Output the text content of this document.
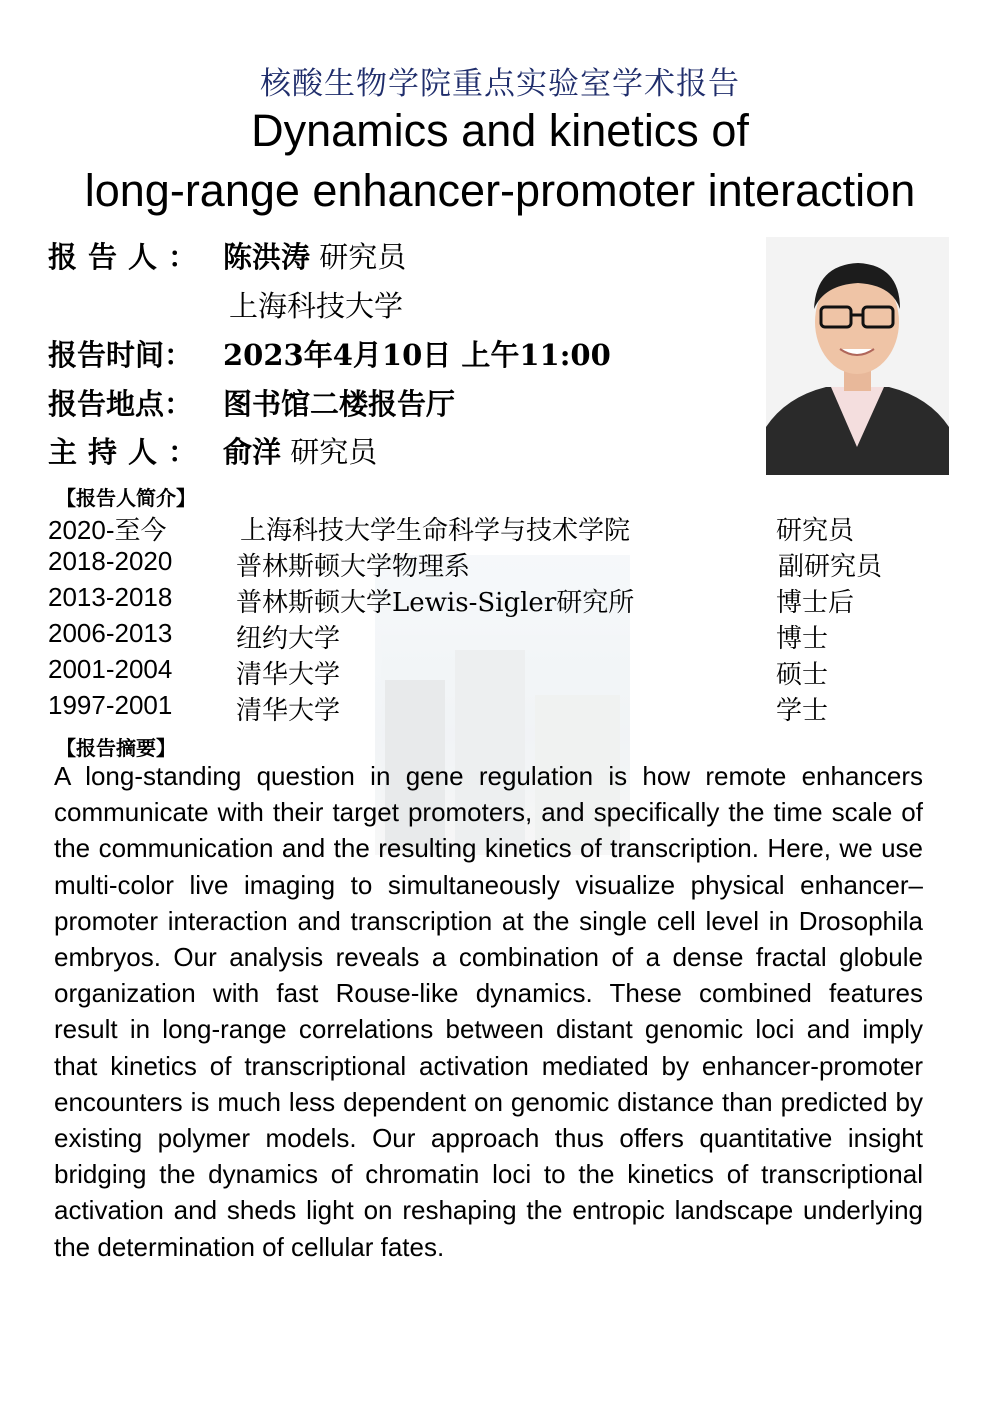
核酸生物学院重点实验室学术报告
Dynamics and kinetics of
long-range enhancer-promoter interaction
报告人： 陈洪涛 研究员
上海科技大学
报告时间： 2023年4月10日 上午11:00
报告地点： 图书馆二楼报告厅
主持人： 俞洋 研究员
【报告人简介】
2020-至今	上海科技大学生命科学与技术学院	研究员
2018-2020 普林斯顿大学物理系	副研究员
2013-2018 普林斯顿大学Lewis-Sigler研究所	博士后
2006-2013 纽约大学	博士
2001-2004 清华大学	硕士
1997-2001 清华大学	学士
【报告摘要】

A long-standing question in gene regulation is how remote enhancers communicate with their target promoters, and specifically the time scale of the communication and the resulting kinetics of transcription. Here, we use multi-color live imaging to simultaneously visualize physical enhancer–promoter interaction and transcription at the single cell level in Drosophila embryos. Our analysis reveals a combination of a dense fractal globule organization with fast Rouse-like dynamics. These combined features result in long-range correlations between distant genomic loci and imply that kinetics of transcriptional activation mediated by enhancer-promoter encounters is much less dependent on genomic distance than predicted by existing polymer models. Our approach thus offers quantitative insight bridging the dynamics of chromatin loci to the kinetics of transcriptional activation and sheds light on reshaping the entropic landscape underlying the determination of cellular fates.
